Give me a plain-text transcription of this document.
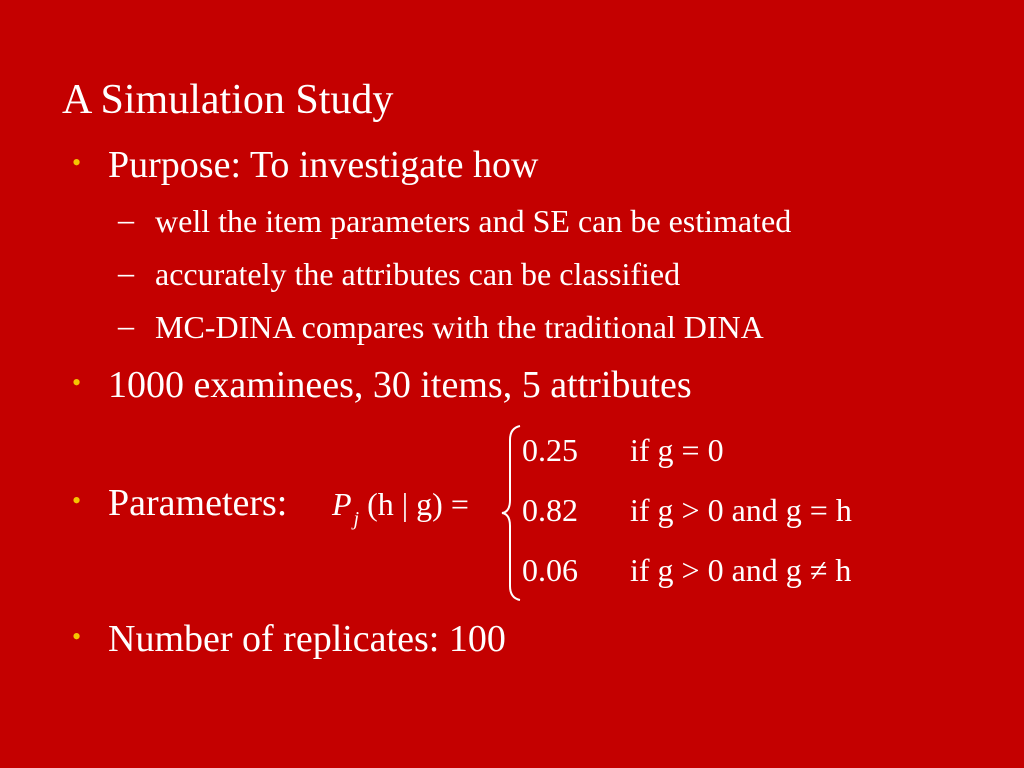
A Simulation Study
• Purpose: To investigate how
– well the item parameters and SE can be estimated
– accurately the attributes can be classified
– MC-DINA compares with the traditional DINA
• 1000 examinees, 30 items, 5 attributes
• Parameters: P $_j$ (h | g) =
0.25 if g = 0
0.82 if g > 0 and g = h
0.06 if g > 0 and g ≠ h
• Number of replicates: 100
